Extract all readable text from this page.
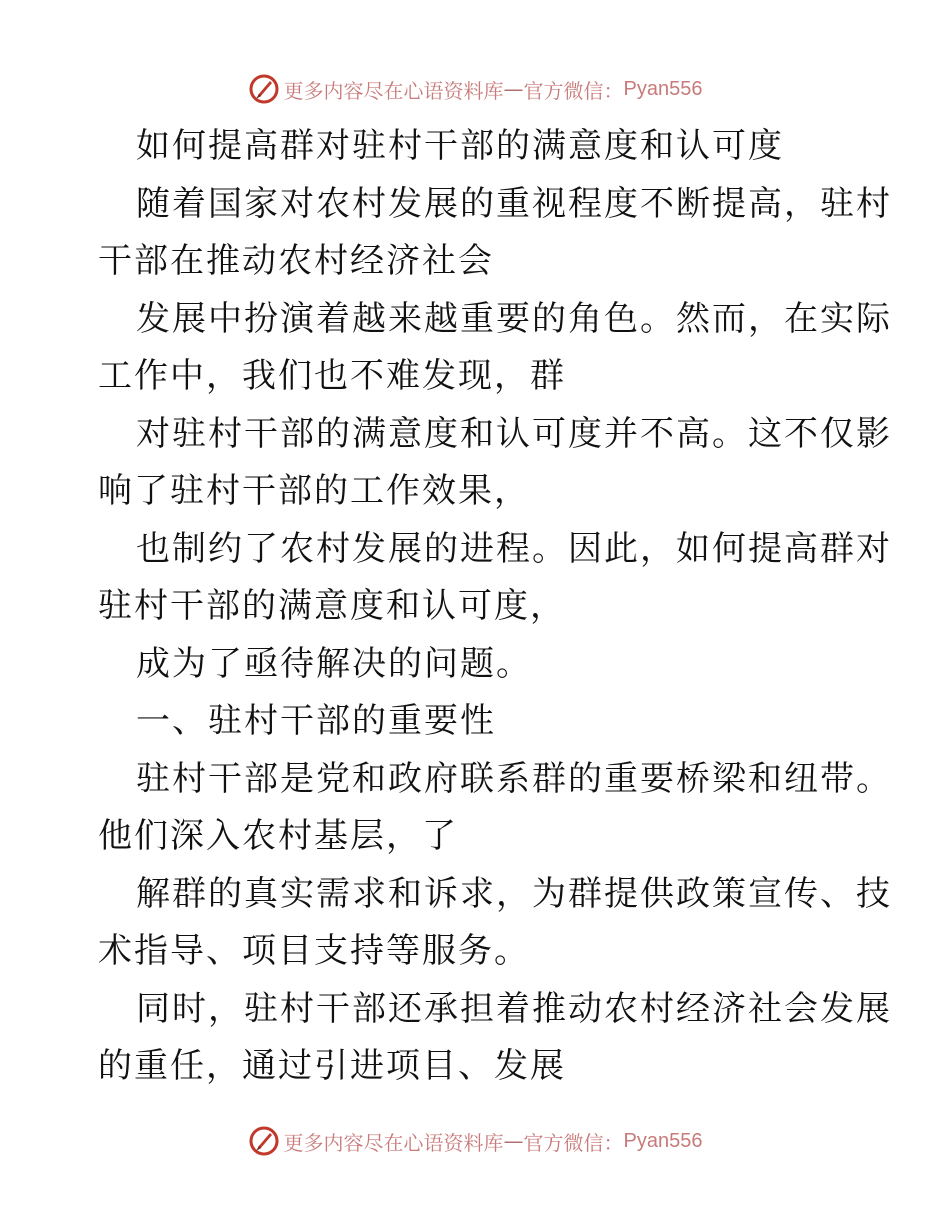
更多内容尽在心语资料库 — 官方微信： Pyan556
如何提高群对驻村干部的满意度和认可度
随着国家对农村发展的重视程度不断提高，驻村
干部在推动农村经济社会
发展中扮演着越来越重要的角色。然而，在实际
工作中，我们也不难发现，群
对驻村干部的满意度和认可度并不高。这不仅影
响了驻村干部的工作效果，
也制约了农村发展的进程。因此，如何提高群对
驻村干部的满意度和认可度，
成为了亟待解决的问题。
一、驻村干部的重要性
驻村干部是党和政府联系群的重要桥梁和纽带。
他们深入农村基层，了
解群的真实需求和诉求，为群提供政策宣传、技
术指导、项目支持等服务。
同时，驻村干部还承担着推动农村经济社会发展
的重任，通过引进项目、发展
更多内容尽在心语资料库 — 官方微信： Pyan556
